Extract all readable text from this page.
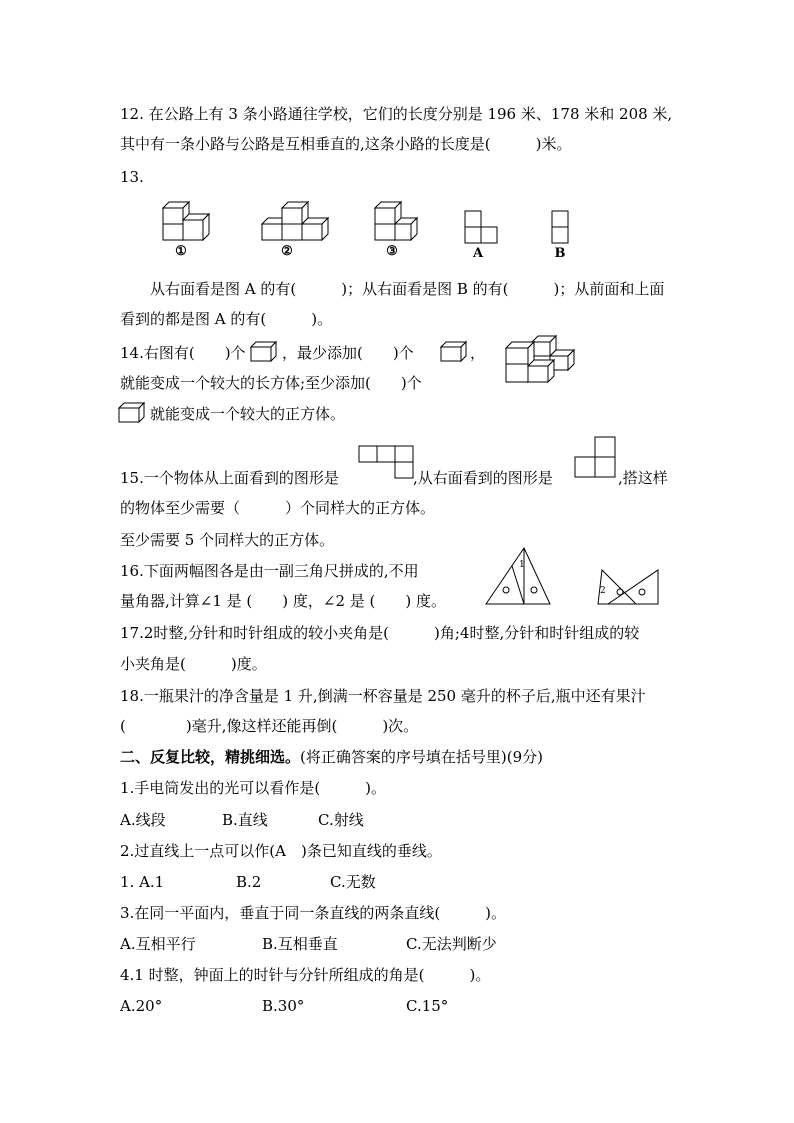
12. 在公路上有 3 条小路通往学校，它们的长度分别是 196 米、178 米和 208 米,
其中有一条小路与公路是互相垂直的,这条小路的长度是(　　　)米。
13.
①	②	③	A	B
从右面看是图 A 的有(　　　)；从右面看是图 B 的有(　　　)；从前面和上面
看到的都是图 A 的有(　　　)。
14.右图有(　　)个 ，最少添加(　　)个	，
就能变成一个较大的长方体;至少添加(　　)个
就能变成一个较大的正方体。
15.一个物体从上面看到的图形是	,从右面看到的图形是	,搭这样
的物体至少需要（　　　）个同样大的正方体。
至少需要 5 个同样大的正方体。
16.下面两幅图各是由一副三角尺拼成的,不用
量角器,计算∠1 是 (　　) 度，∠2 是 (　　) 度。
1
2
17.2时整,分针和时针组成的较小夹角是(　　　)角;4时整,分针和时针组成的较
小夹角是(　　　)度。
18.一瓶果汁的净含量是 1 升,倒满一杯容量是 250 毫升的杯子后,瓶中还有果汁
(　　　　)毫升,像这样还能再倒(　　　)次。
二、反复比较，精挑细选。(将正确答案的序号填在括号里)(9分)
1.手电筒发出的光可以看作是(　　　)。
A.线段	B.直线	C.射线
2.过直线上一点可以作(A　)条已知直线的垂线。
1. A.1	B.2	C.无数
3.在同一平面内，垂直于同一条直线的两条直线(　　　)。
A.互相平行	B.互相垂直	C.无法判断少
4.1 时整，钟面上的时针与分针所组成的角是(　　　)。
A.20°	B.30°	C.15°
